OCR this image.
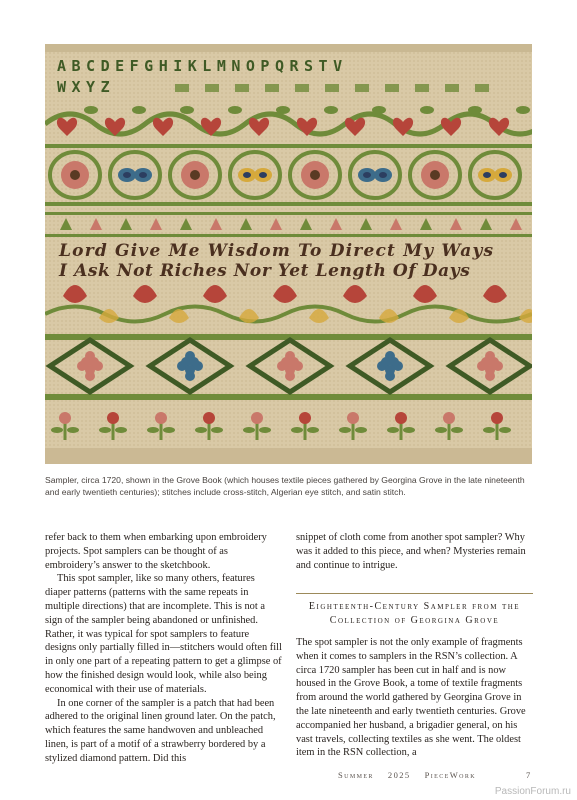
ABCDEFGHIKLMNOPQRSTV
WXYZ
Lord Give Me Wisdom To Direct My Ways
I Ask Not Riches Nor Yet Length Of Days

Sampler, circa 1720, shown in the Grove Book (which houses textile pieces gathered by Georgina Grove in the late nineteenth and early twentieth centuries); stitches include cross-stitch, Algerian eye stitch, and satin stitch.

refer back to them when embarking upon embroidery projects. Spot samplers can be thought of as embroidery’s answer to the sketchbook.

This spot sampler, like so many others, features diaper patterns (patterns with the same repeats in multiple directions) that are incomplete. This is not a sign of the sampler being abandoned or unfinished. Rather, it was typical for spot samplers to feature designs only partially filled in—stitchers would often fill in only one part of a repeating pattern to get a glimpse of how the finished design would look, while also being economical with their use of materials.

In one corner of the sampler is a patch that had been adhered to the original linen ground later. On the patch, which features the same handwoven and unbleached linen, is part of a motif of a strawberry bordered by a stylized diamond pattern. Did this

snippet of cloth come from another spot sampler? Why was it added to this piece, and when? Mysteries remain and continue to intrigue.

Eighteenth-Century Sampler from the Collection of Georgina Grove
The spot sampler is not the only example of fragments when it comes to samplers in the RSN’s collection. A circa 1720 sampler has been cut in half and is now housed in the Grove Book, a tome of textile fragments from around the world gathered by Georgina Grove in the late nineteenth and early twentieth centuries. Grove accompanied her husband, a brigadier general, on his vast travels, collecting textiles as she went. The oldest item in the RSN collection, a
Summer 2025 PieceWork	7
PassionForum.ru
